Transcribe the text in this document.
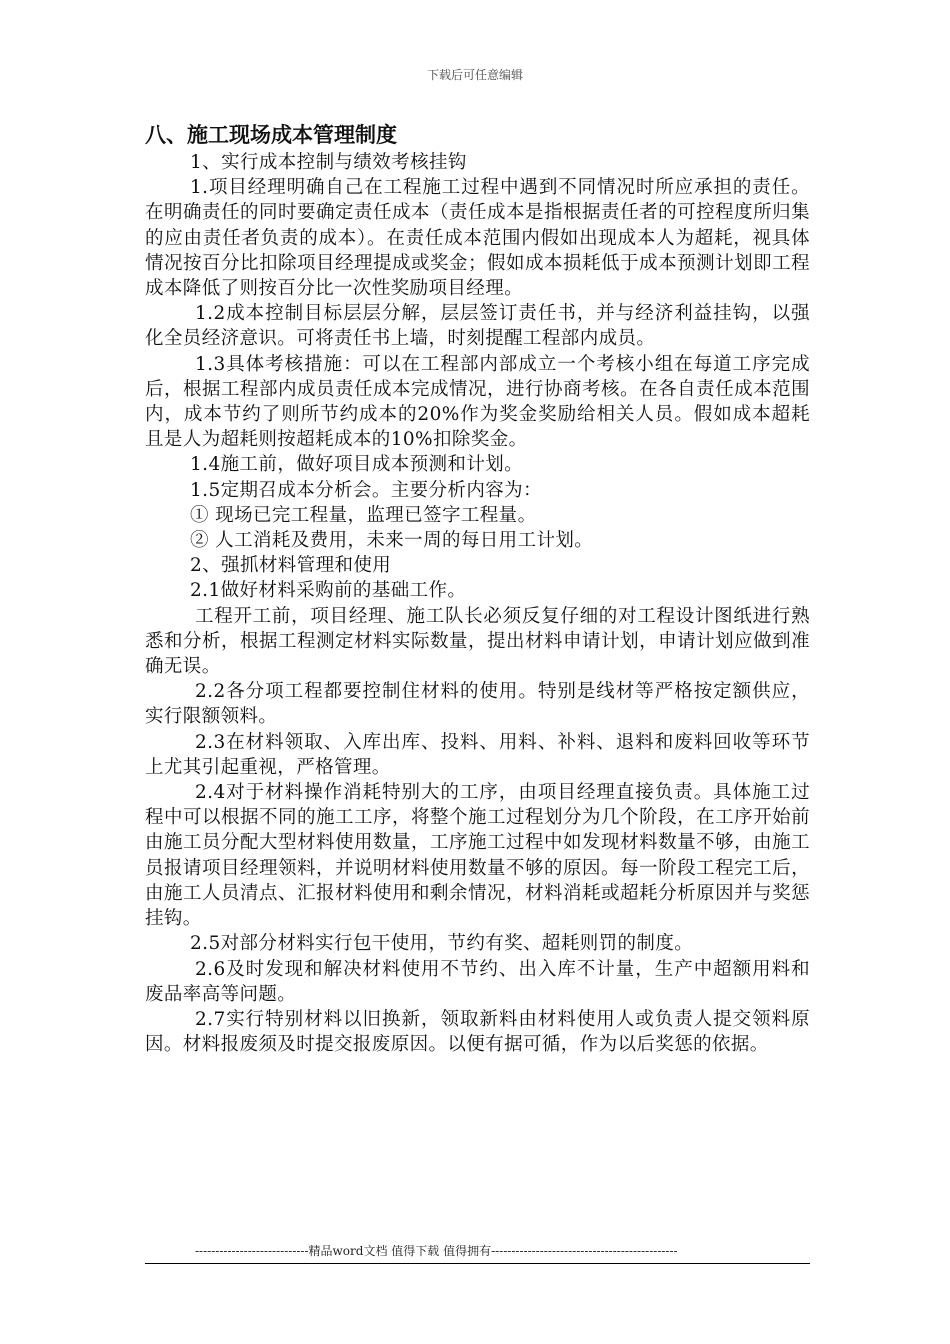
下载后可任意编辑
八、施工现场成本管理制度

1、实行成本控制与绩效考核挂钩

1.项目经理明确自己在工程施工过程中遇到不同情况时所应承担的责任。在明确责任的同时要确定责任成本（责任成本是指根据责任者的可控程度所归集的应由责任者负责的成本）。在责任成本范围内假如出现成本人为超耗，视具体情况按百分比扣除项目经理提成或奖金；假如成本损耗低于成本预测计划即工程成本降低了则按百分比一次性奖励项目经理。

1.2成本控制目标层层分解，层层签订责任书，并与经济利益挂钩，以强化全员经济意识。可将责任书上墙，时刻提醒工程部内成员。

1.3具体考核措施：可以在工程部内部成立一个考核小组在每道工序完成后，根据工程部内成员责任成本完成情况，进行协商考核。在各自责任成本范围内，成本节约了则所节约成本的20%作为奖金奖励给相关人员。假如成本超耗且是人为超耗则按超耗成本的10%扣除奖金。

1.4施工前，做好项目成本预测和计划。

1.5定期召成本分析会。主要分析内容为：

① 现场已完工程量，监理已签字工程量。

② 人工消耗及费用，未来一周的每日用工计划。

2、强抓材料管理和使用

2.1做好材料采购前的基础工作。

工程开工前，项目经理、施工队长必须反复仔细的对工程设计图纸进行熟悉和分析，根据工程测定材料实际数量，提出材料申请计划，申请计划应做到准确无误。

2.2各分项工程都要控制住材料的使用。特别是线材等严格按定额供应，实行限额领料。

2.3在材料领取、入库出库、投料、用料、补料、退料和废料回收等环节上尤其引起重视，严格管理。

2.4对于材料操作消耗特别大的工序，由项目经理直接负责。具体施工过程中可以根据不同的施工工序，将整个施工过程划分为几个阶段，在工序开始前由施工员分配大型材料使用数量，工序施工过程中如发现材料数量不够，由施工员报请项目经理领料，并说明材料使用数量不够的原因。每一阶段工程完工后，由施工人员清点、汇报材料使用和剩余情况，材料消耗或超耗分析原因并与奖惩挂钩。

2.5对部分材料实行包干使用，节约有奖、超耗则罚的制度。

2.6及时发现和解决材料使用不节约、出入库不计量，生产中超额用料和废品率高等问题。

2.7实行特别材料以旧换新，领取新料由材料使用人或负责人提交领料原因。材料报废须及时提交报废原因。以便有据可循，作为以后奖惩的依据。

----------------------------精品word文档 值得下载 值得拥有----------------------------------------------
